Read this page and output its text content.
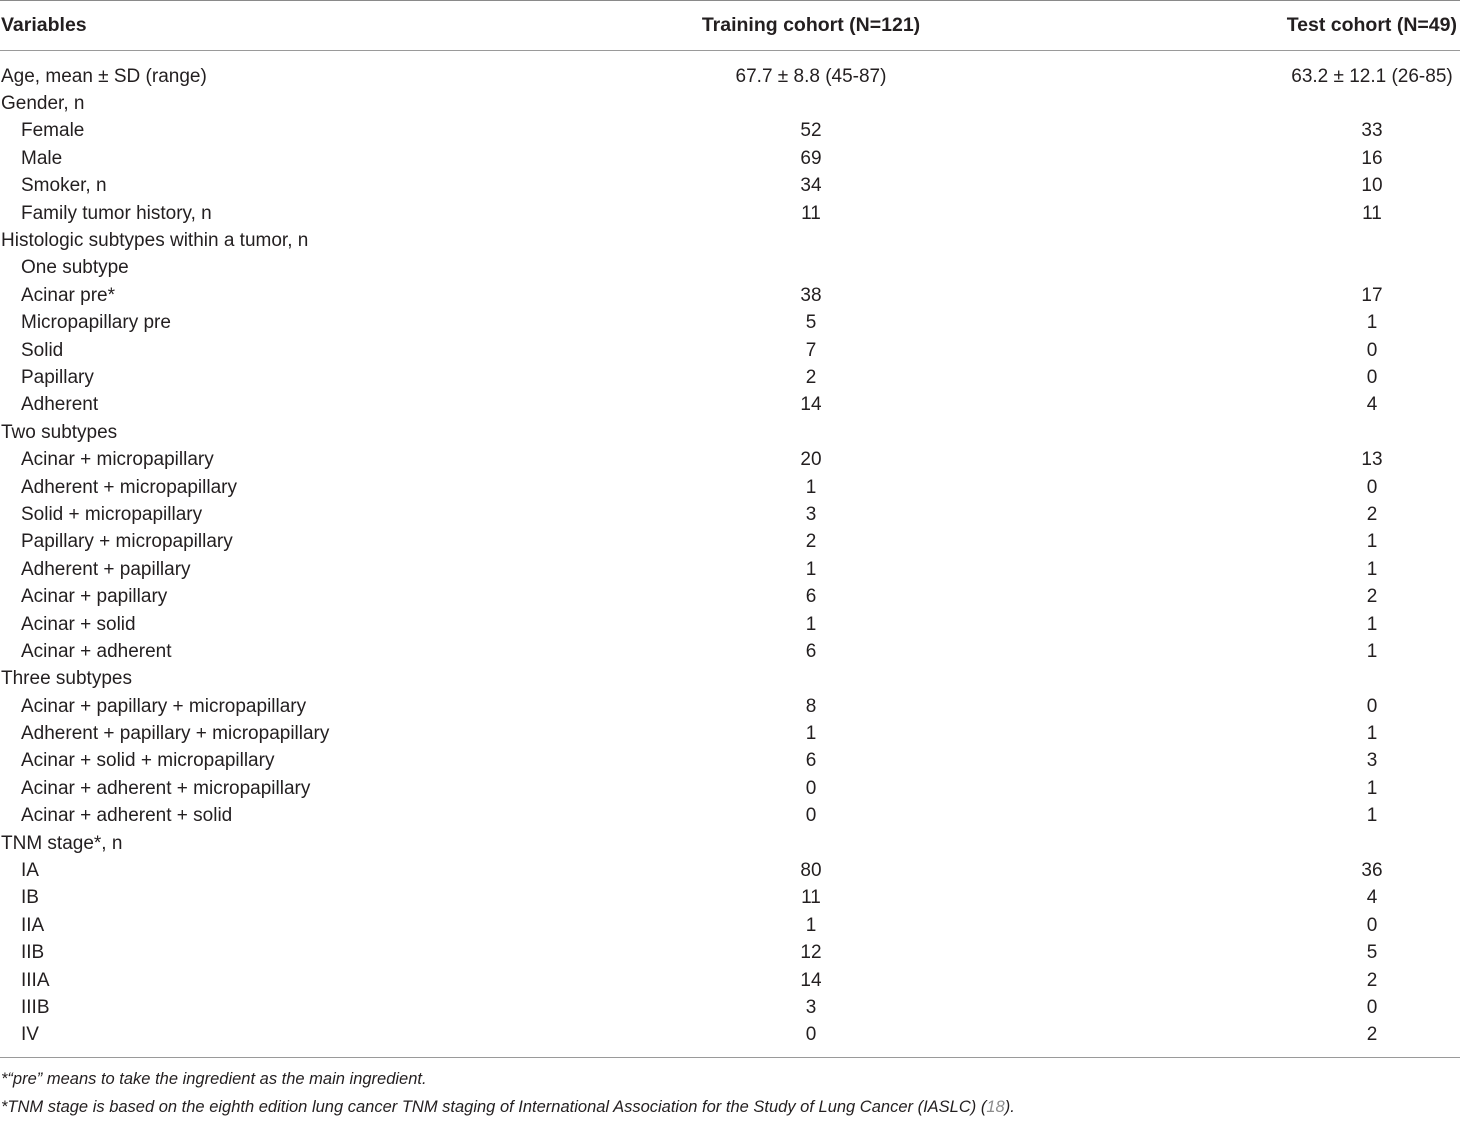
Variables	Training cohort (N=121)	Test cohort (N=49)
Age, mean ± SD (range)	67.7 ± 8.8 (45-87)	63.2 ± 12.1 (26-85)
Gender, n
Female	52	33
Male	69	16
Smoker, n	34	10
Family tumor history, n	11	11
Histologic subtypes within a tumor, n
One subtype
Acinar pre*	38	17
Micropapillary pre	5	1
Solid	7	0
Papillary	2	0
Adherent	14	4
Two subtypes
Acinar + micropapillary	20	13
Adherent + micropapillary	1	0
Solid + micropapillary	3	2
Papillary + micropapillary	2	1
Adherent + papillary	1	1
Acinar + papillary	6	2
Acinar + solid	1	1
Acinar + adherent	6	1
Three subtypes
Acinar + papillary + micropapillary	8	0
Adherent + papillary + micropapillary	1	1
Acinar + solid + micropapillary	6	3
Acinar + adherent + micropapillary	0	1
Acinar + adherent + solid	0	1
TNM stage*, n
IA	80	36
IB	11	4
IIA	1	0
IIB	12	5
IIIA	14	2
IIIB	3	0
IV	0	2
*“pre” means to take the ingredient as the main ingredient.
*TNM stage is based on the eighth edition lung cancer TNM staging of International Association for the Study of Lung Cancer (IASLC) (18).
